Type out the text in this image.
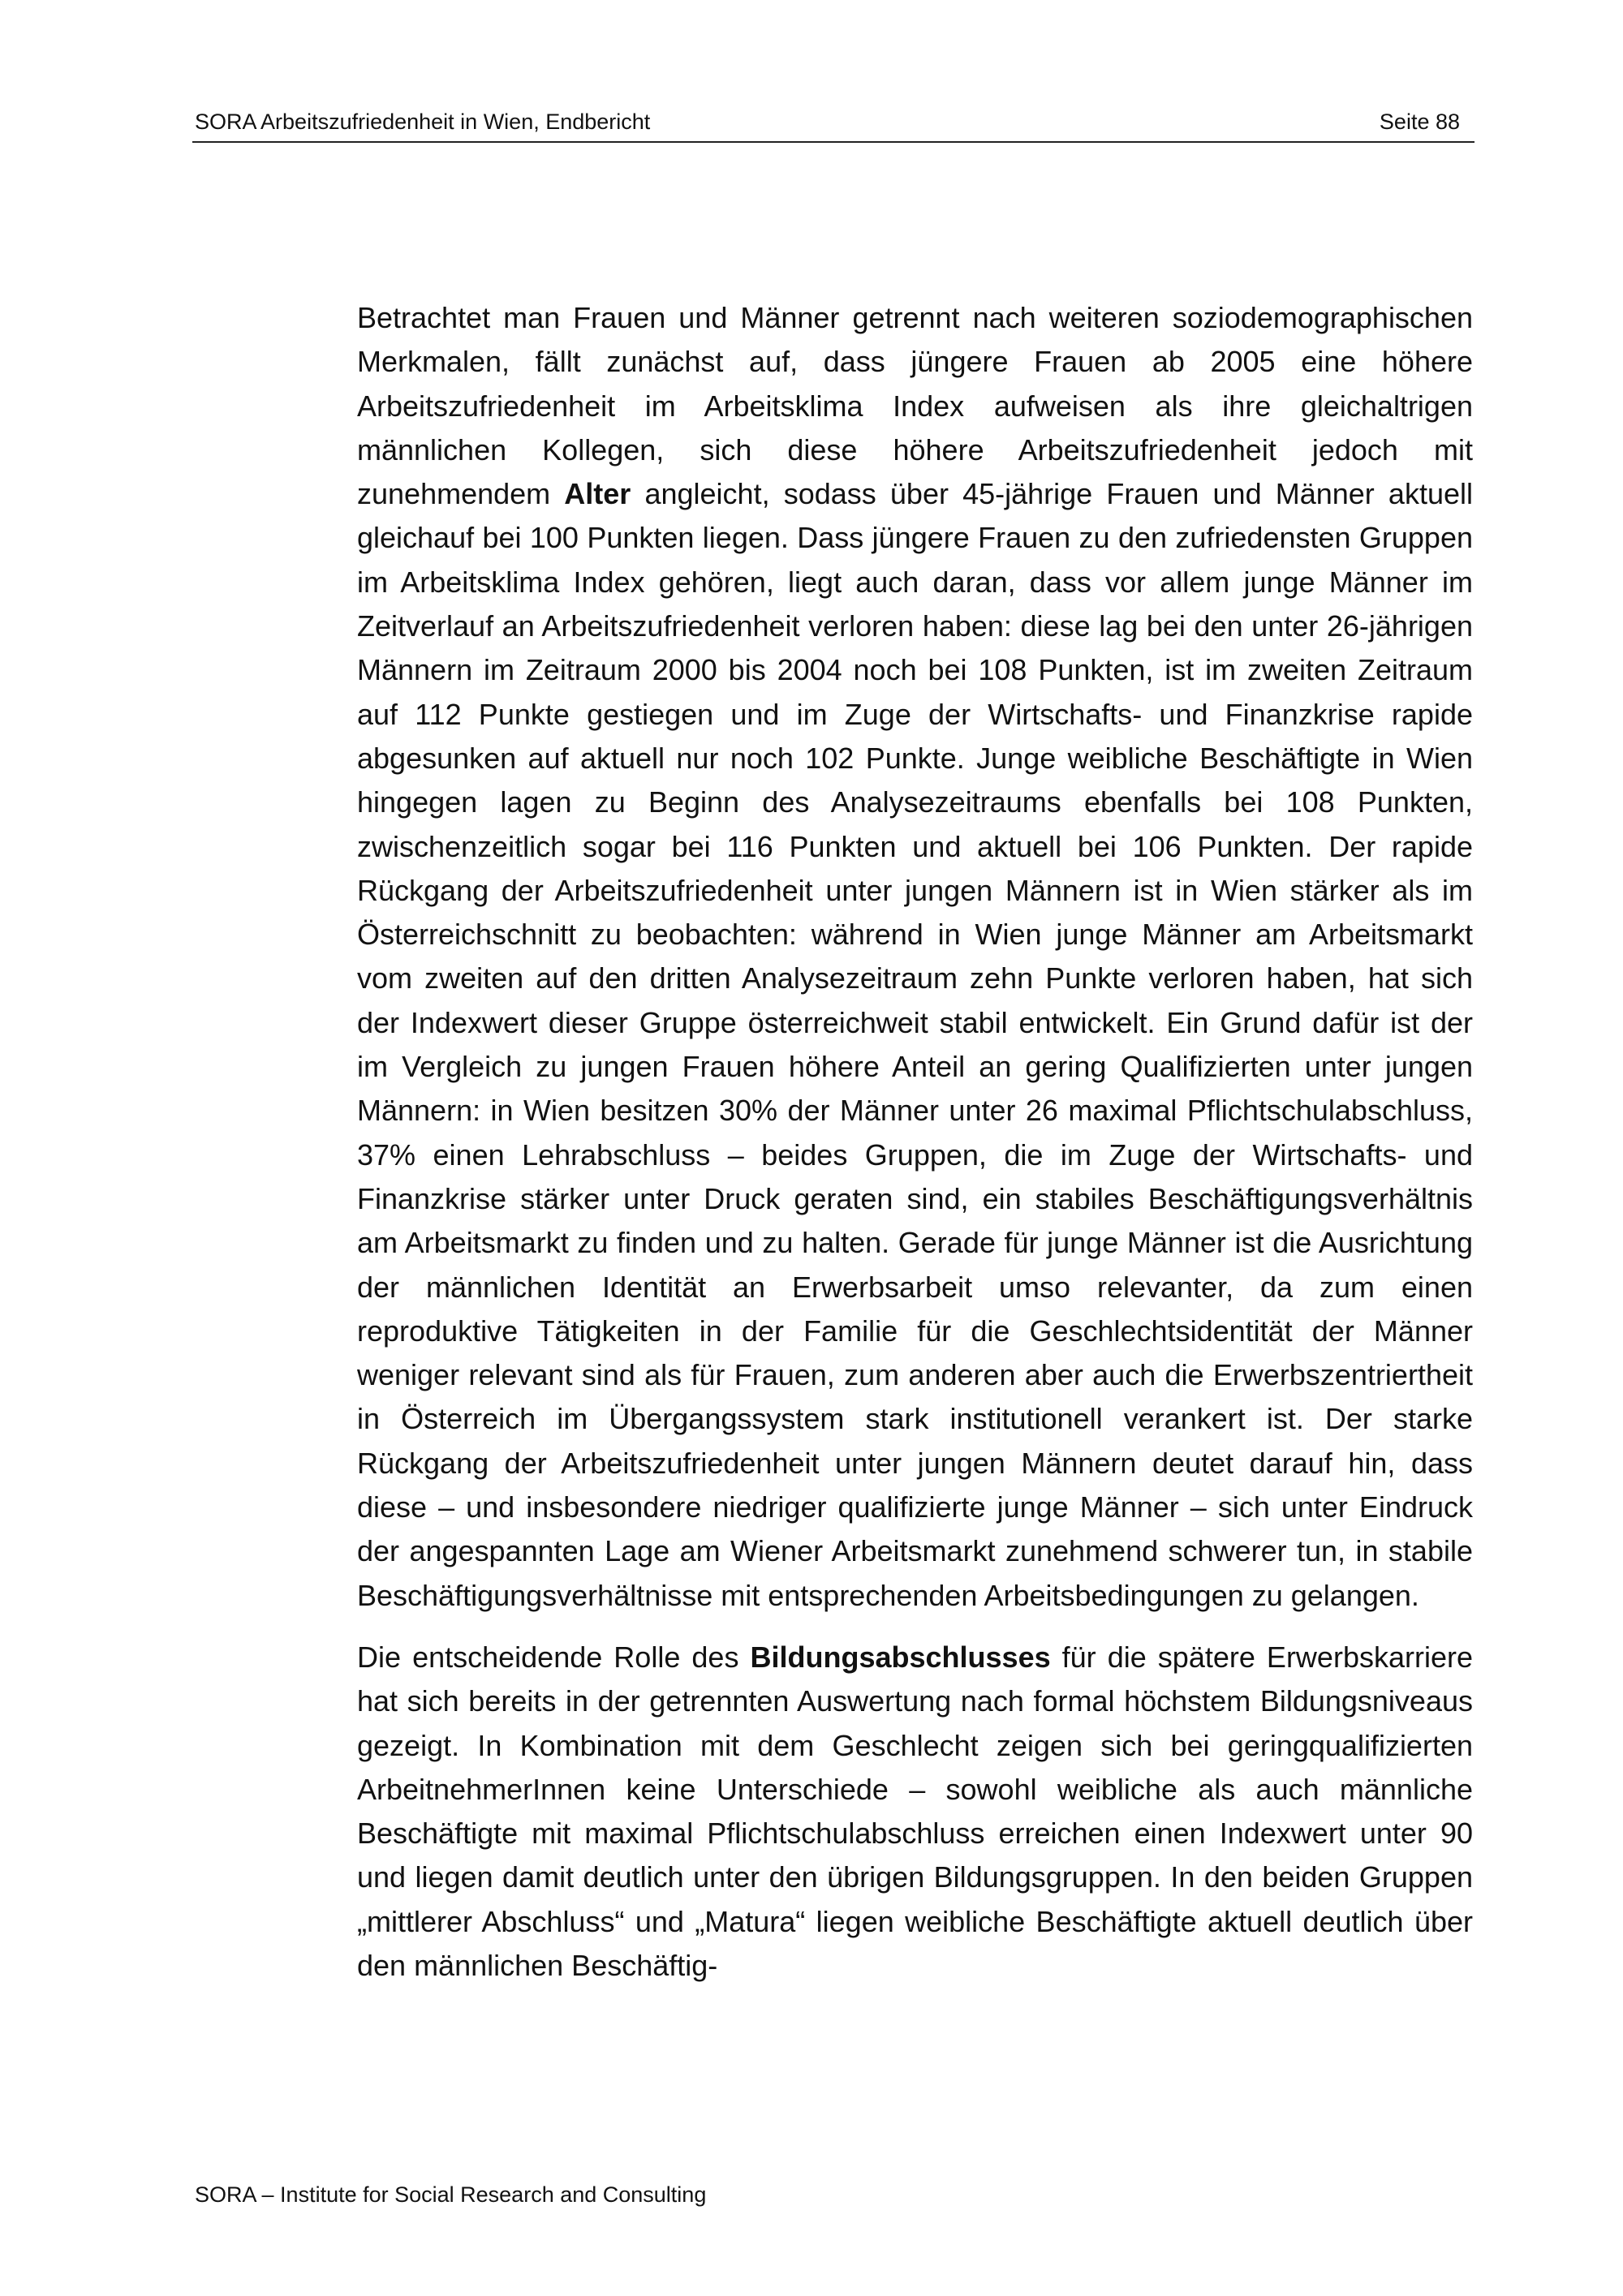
SORA Arbeitszufriedenheit in Wien, Endbericht	Seite 88

Betrachtet man Frauen und Männer getrennt nach weiteren soziodemographischen Merkmalen, fällt zunächst auf, dass jüngere Frauen ab 2005 eine höhere Arbeitszufriedenheit im Arbeitsklima Index aufweisen als ihre gleichaltrigen männlichen Kollegen, sich diese höhere Arbeitszufriedenheit jedoch mit zunehmendem Alter angleicht, sodass über 45-jährige Frauen und Männer aktuell gleichauf bei 100 Punkten liegen. Dass jüngere Frauen zu den zufriedensten Gruppen im Arbeitsklima Index gehören, liegt auch daran, dass vor allem junge Männer im Zeitverlauf an Arbeitszufriedenheit verloren haben: diese lag bei den unter 26-jährigen Männern im Zeitraum 2000 bis 2004 noch bei 108 Punkten, ist im zweiten Zeitraum auf 112 Punkte gestiegen und im Zuge der Wirtschafts- und Finanzkrise rapide abgesunken auf aktuell nur noch 102 Punkte. Junge weibliche Beschäftigte in Wien hingegen lagen zu Beginn des Analysezeitraums ebenfalls bei 108 Punkten, zwischenzeitlich sogar bei 116 Punkten und aktuell bei 106 Punkten. Der rapide Rückgang der Arbeitszufriedenheit unter jungen Männern ist in Wien stärker als im Österreichschnitt zu beobachten: während in Wien junge Männer am Arbeitsmarkt vom zweiten auf den dritten Analysezeitraum zehn Punkte verloren haben, hat sich der Indexwert dieser Gruppe österreichweit stabil entwickelt. Ein Grund dafür ist der im Vergleich zu jungen Frauen höhere Anteil an gering Qualifizierten unter jungen Männern: in Wien besitzen 30% der Männer unter 26 maximal Pflichtschulabschluss, 37% einen Lehrabschluss – beides Gruppen, die im Zuge der Wirtschafts- und Finanzkrise stärker unter Druck geraten sind, ein stabiles Beschäftigungsverhältnis am Arbeitsmarkt zu finden und zu halten. Gerade für junge Männer ist die Ausrichtung der männlichen Identität an Erwerbsarbeit umso relevanter, da zum einen reproduktive Tätigkeiten in der Familie für die Geschlechtsidentität der Männer weniger relevant sind als für Frauen, zum anderen aber auch die Erwerbszentriertheit in Österreich im Übergangssystem stark institutionell verankert ist. Der starke Rückgang der Arbeitszufriedenheit unter jungen Männern deutet darauf hin, dass diese – und insbesondere niedriger qualifizierte junge Männer – sich unter Eindruck der angespannten Lage am Wiener Arbeitsmarkt zunehmend schwerer tun, in stabile Beschäftigungsverhältnisse mit entsprechenden Arbeitsbedingungen zu gelangen.

Die entscheidende Rolle des Bildungsabschlusses für die spätere Erwerbskarriere hat sich bereits in der getrennten Auswertung nach formal höchstem Bildungsniveaus gezeigt. In Kombination mit dem Geschlecht zeigen sich bei geringqualifizierten ArbeitnehmerInnen keine Unterschiede – sowohl weibliche als auch männliche Beschäftigte mit maximal Pflichtschulabschluss erreichen einen Indexwert unter 90 und liegen damit deutlich unter den übrigen Bildungsgruppen. In den beiden Gruppen „mittlerer Abschluss“ und „Matura“ liegen weibliche Beschäftigte aktuell deutlich über den männlichen Beschäftig-

SORA – Institute for Social Research and Consulting
